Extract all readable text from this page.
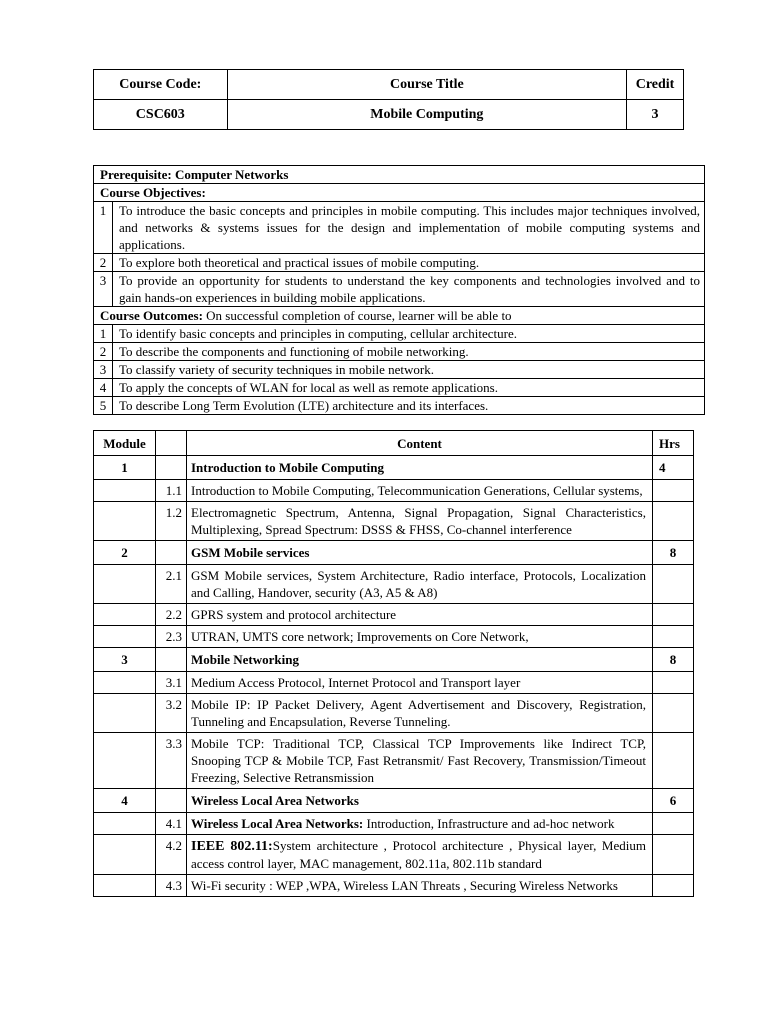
Course Code:	Course Title	Credit
CSC603	Mobile Computing	3
Prerequisite: Computer Networks	
Course Objectives:	
1	To introduce the basic concepts and principles in mobile computing. This includes major techniques involved, and networks & systems issues for the design and implementation of mobile computing systems and applications.
2	To explore both theoretical and practical issues of mobile computing.
3	To provide an opportunity for students to understand the key components and technologies involved and to gain hands-on experiences in building mobile applications.
Course Outcomes: On successful completion of course, learner will be able to	
1	To identify basic concepts and principles in computing, cellular architecture.
2	To describe the components and functioning of mobile networking.
3	To classify variety of security techniques in mobile network.
4	To apply the concepts of WLAN for local as well as remote applications.
5	To describe Long Term Evolution (LTE) architecture and its interfaces.
Module		Content	Hrs
1		Introduction to Mobile Computing	4
	1.1	Introduction to Mobile Computing, Telecommunication Generations, Cellular systems,	
	1.2	Electromagnetic Spectrum, Antenna, Signal Propagation, Signal Characteristics, Multiplexing, Spread Spectrum: DSSS & FHSS, Co-channel interference	
2		GSM Mobile services	8
	2.1	GSM Mobile services, System Architecture, Radio interface, Protocols, Localization and Calling, Handover, security (A3, A5 & A8)	
	2.2	GPRS system and protocol architecture	
	2.3	UTRAN, UMTS core network; Improvements on Core Network,	
3		Mobile Networking	8
	3.1	Medium Access Protocol, Internet Protocol and Transport layer	
	3.2	Mobile IP: IP Packet Delivery, Agent Advertisement and Discovery, Registration, Tunneling and Encapsulation, Reverse Tunneling.	
	3.3	Mobile TCP: Traditional TCP, Classical TCP Improvements like Indirect TCP, Snooping TCP & Mobile TCP, Fast Retransmit/ Fast Recovery, Transmission/Timeout Freezing, Selective Retransmission	
4		Wireless Local Area Networks	6
	4.1	Wireless Local Area Networks: Introduction, Infrastructure and ad-hoc network	
	4.2	IEEE 802.11:System architecture , Protocol architecture , Physical layer, Medium access control layer, MAC management, 802.11a, 802.11b standard	
	4.3	Wi-Fi security : WEP ,WPA, Wireless LAN Threats , Securing Wireless Networks	
